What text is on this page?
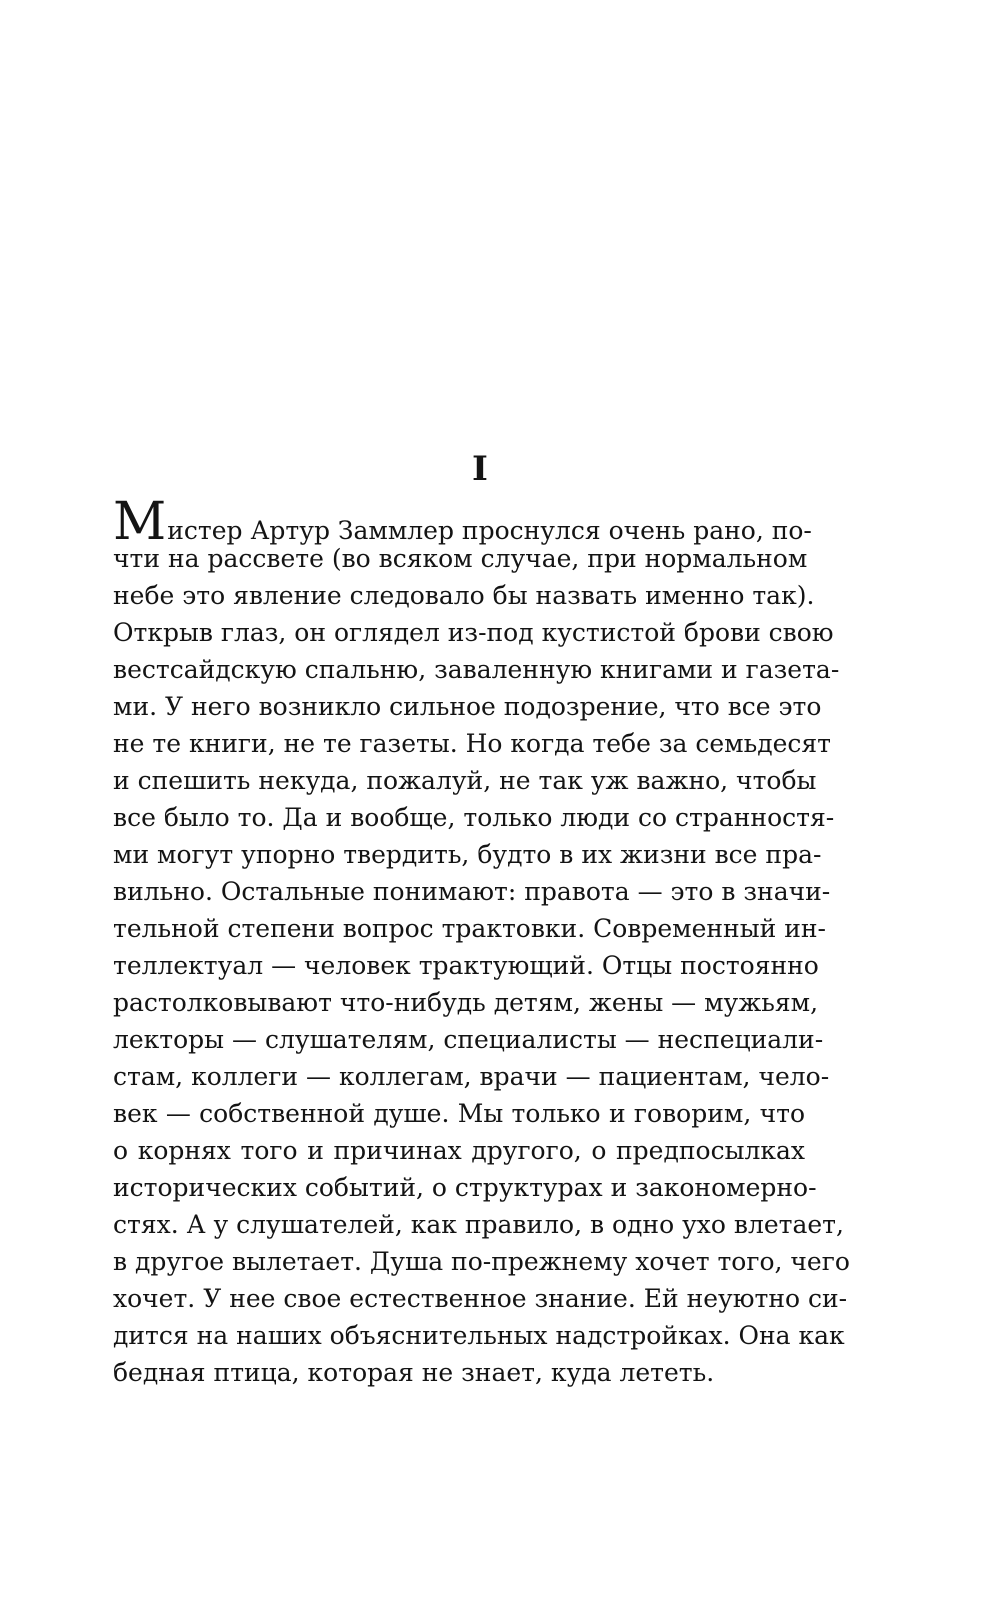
I
М истер Артур Заммлер проснулся очень рано, по-
чти на рассвете (во всяком случае, при нормальном
небе это явление следовало бы назвать именно так).
Открыв глаз, он оглядел из-под кустистой брови свою
вестсайдскую спальню, заваленную книгами и газета-
ми. У него возникло сильное подозрение, что все это
не те книги, не те газеты. Но когда тебе за семьдесят
и спешить некуда, пожалуй, не так уж важно, чтобы
все было то. Да и вообще, только люди со странностя-
ми могут упорно твердить, будто в их жизни все пра-
вильно. Остальные понимают: правота — это в значи-
тельной степени вопрос трактовки. Современный ин-
теллектуал — человек трактующий. Отцы постоянно
растолковывают что-нибудь детям, жены — мужьям,
лекторы — слушателям, специалисты — неспециали-
стам, коллеги — коллегам, врачи — пациентам, чело-
век — собственной душе. Мы только и говорим, что
о корнях того и причинах другого, о предпосылках
исторических событий, о структурах и закономерно-
стях. А у слушателей, как правило, в одно ухо влетает,
в другое вылетает. Душа по-прежнему хочет того, чего
хочет. У нее свое естественное знание. Ей неуютно си-
дится на наших объяснительных надстройках. Она как
бедная птица, которая не знает, куда лететь.
